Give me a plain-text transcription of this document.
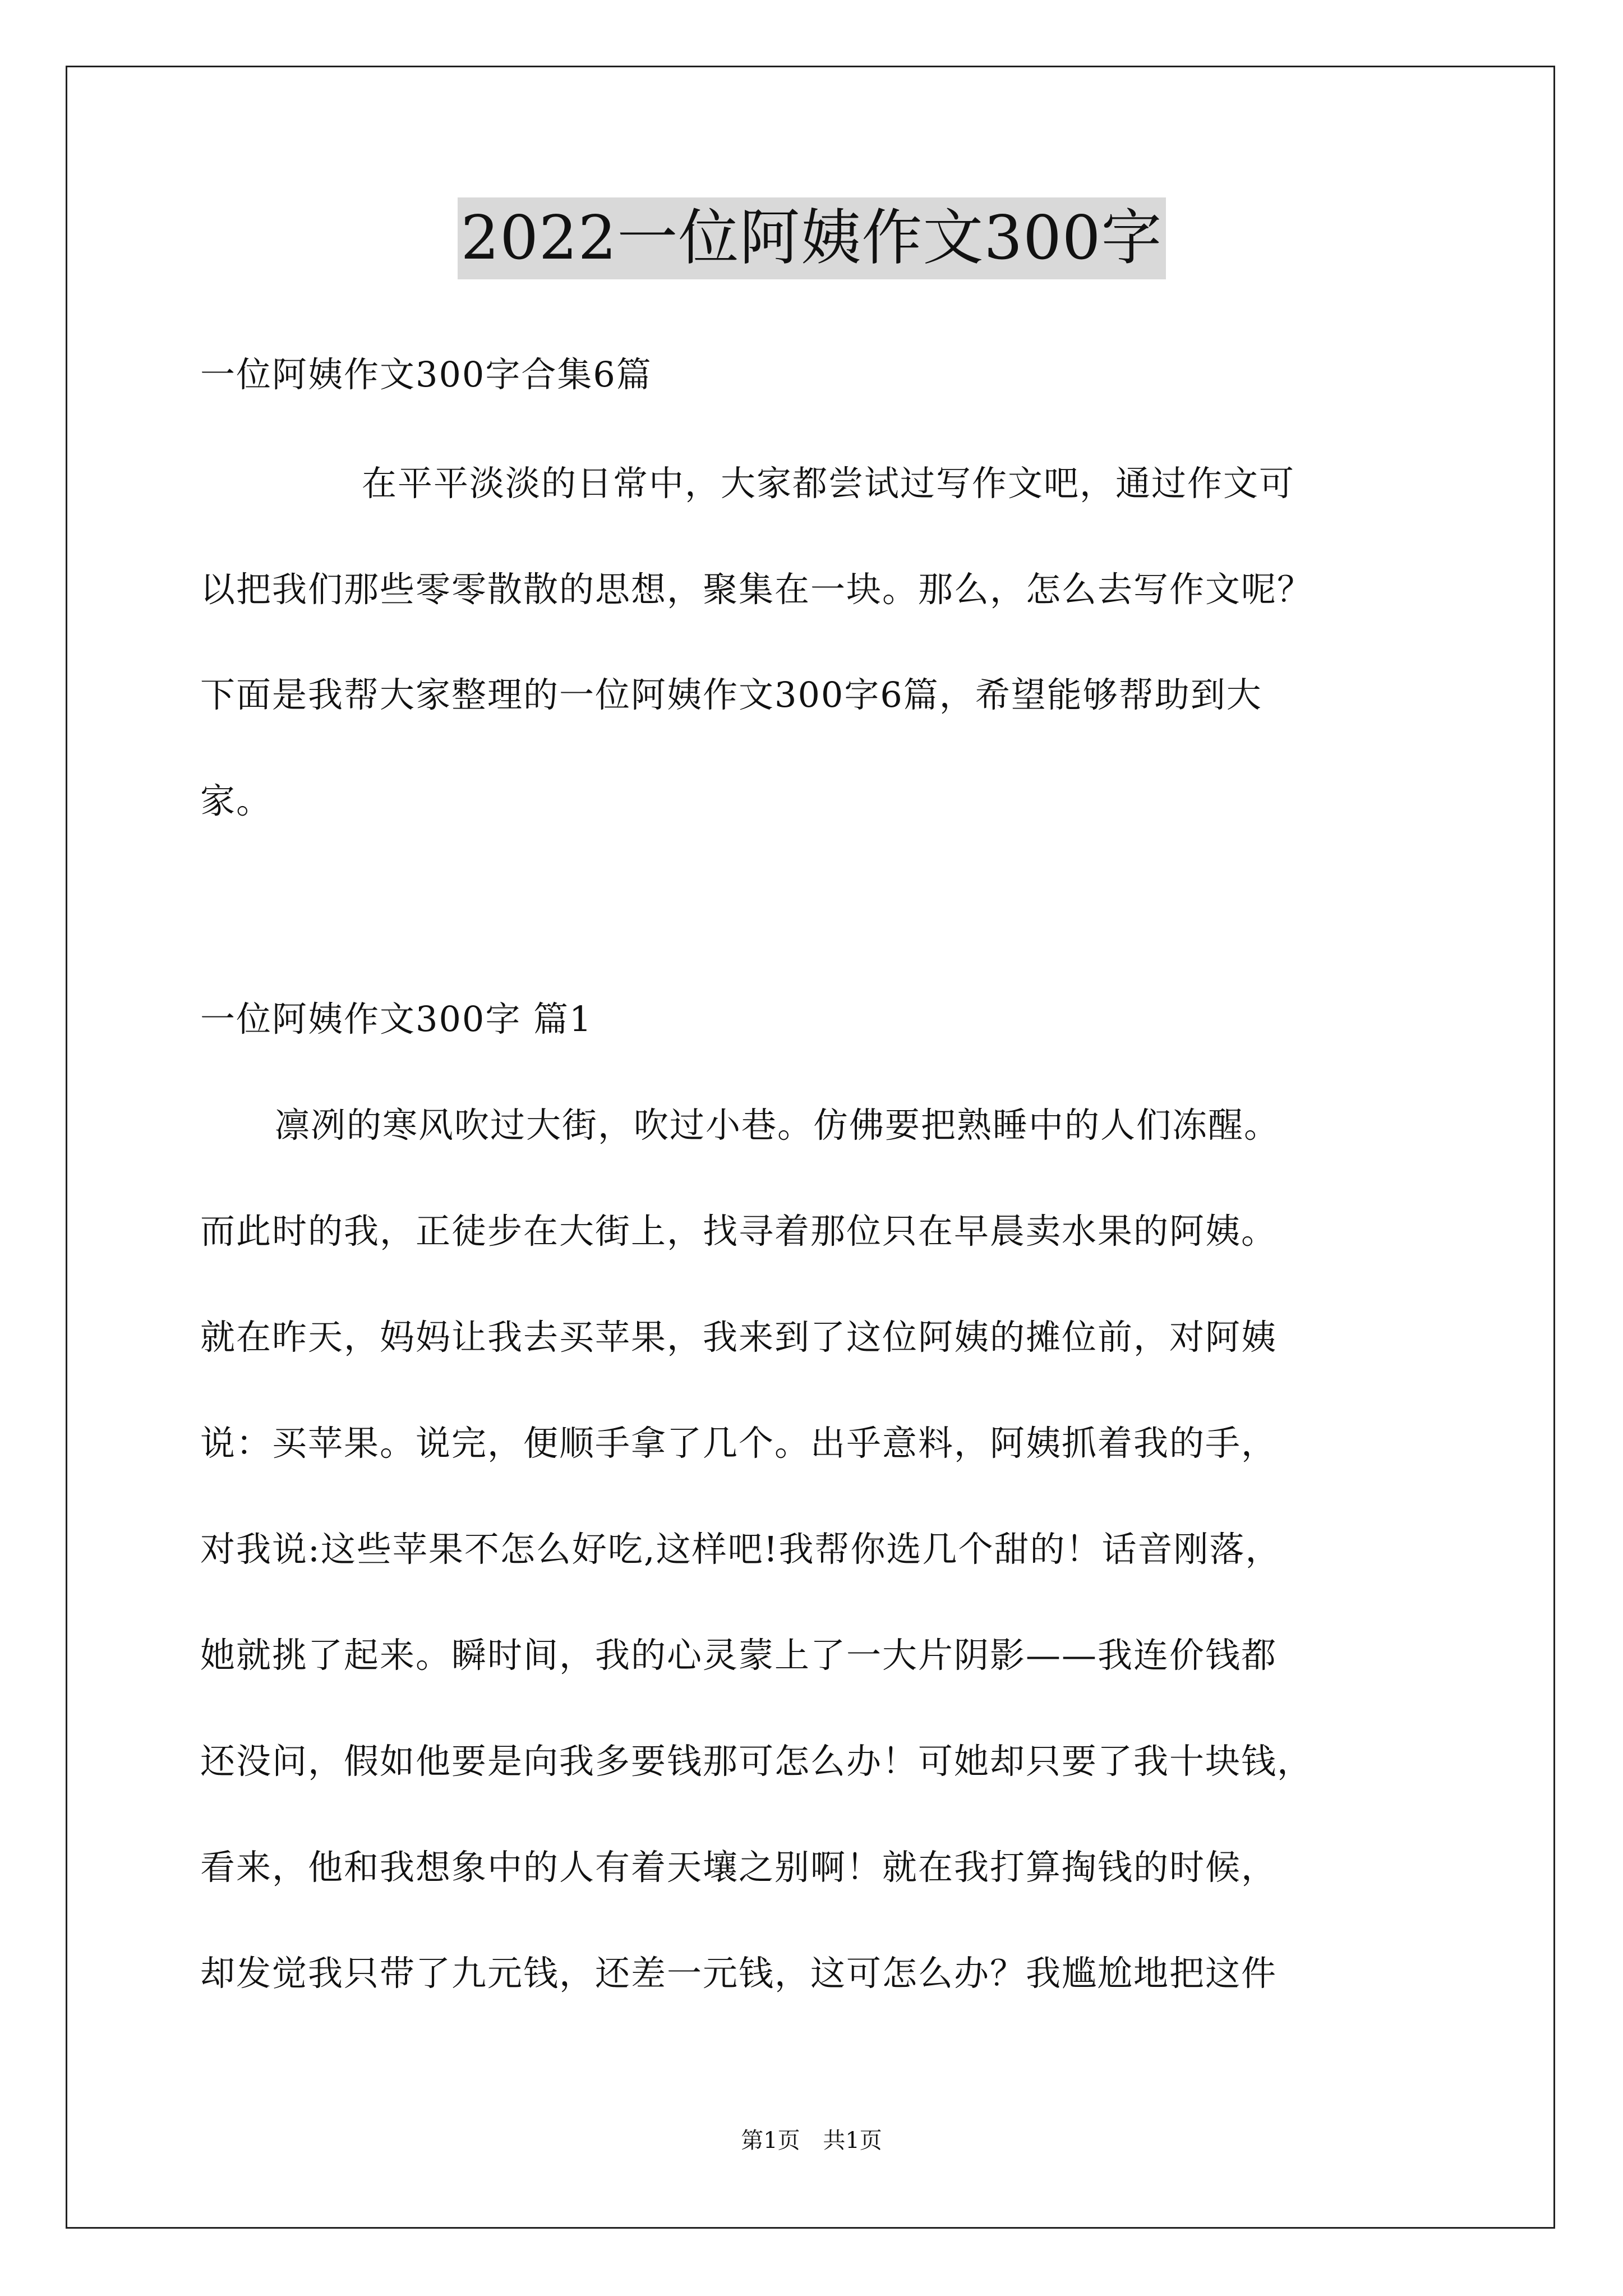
2022一位阿姨作文300字
一位阿姨作文300字合集6篇
在平平淡淡的日常中，大家都尝试过写作文吧，通过作文可
以把我们那些零零散散的思想，聚集在一块。那么，怎么去写作文呢？
下面是我帮大家整理的一位阿姨作文300字6篇，希望能够帮助到大
家。
一位阿姨作文300字 篇1
凛冽的寒风吹过大街，吹过小巷。仿佛要把熟睡中的人们冻醒。
而此时的我，正徒步在大街上，找寻着那位只在早晨卖水果的阿姨。
就在昨天，妈妈让我去买苹果，我来到了这位阿姨的摊位前，对阿姨
说：买苹果。说完，便顺手拿了几个。出乎意料，阿姨抓着我的手，
对我说:这些苹果不怎么好吃,这样吧!我帮你选几个甜的！话音刚落，
她就挑了起来。瞬时间，我的心灵蒙上了一大片阴影——我连价钱都
还没问，假如他要是向我多要钱那可怎么办！可她却只要了我十块钱，
看来，他和我想象中的人有着天壤之别啊！就在我打算掏钱的时候，
却发觉我只带了九元钱，还差一元钱，这可怎么办？我尴尬地把这件
第1页 共1页
